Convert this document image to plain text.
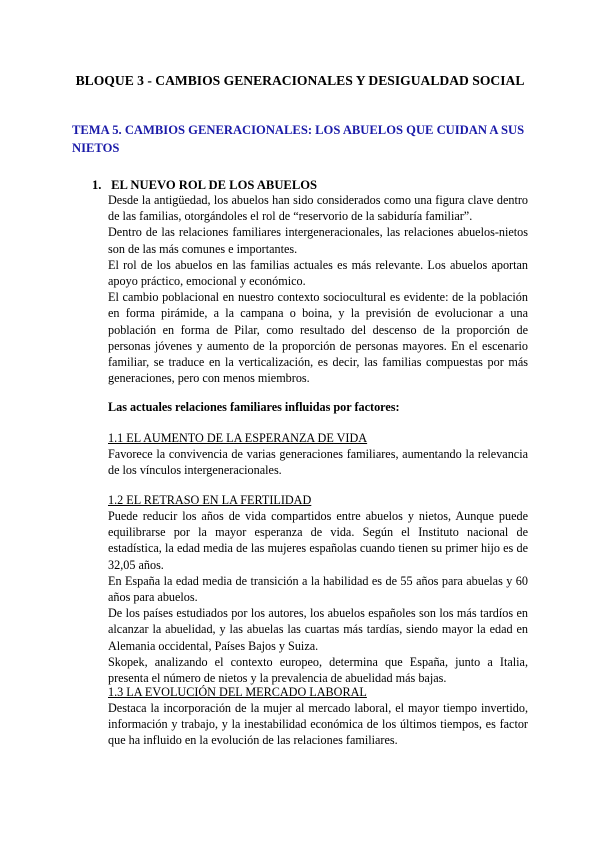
BLOQUE 3 - CAMBIOS GENERACIONALES Y DESIGUALDAD SOCIAL
TEMA 5. CAMBIOS GENERACIONALES: LOS ABUELOS QUE CUIDAN A SUS NIETOS
1. EL NUEVO ROL DE LOS ABUELOS

Desde la antigüedad, los abuelos han sido considerados como una figura clave dentro de las familias, otorgándoles el rol de “reservorio de la sabiduría familiar”.

Dentro de las relaciones familiares intergeneracionales, las relaciones abuelos-nietos son de las más comunes e importantes.

El rol de los abuelos en las familias actuales es más relevante. Los abuelos aportan apoyo práctico, emocional y económico.

El cambio poblacional en nuestro contexto sociocultural es evidente: de la población en forma pirámide, a la campana o boina, y la previsión de evolucionar a una población en forma de Pilar, como resultado del descenso de la proporción de personas jóvenes y aumento de la proporción de personas mayores. En el escenario familiar, se traduce en la verticalización, es decir, las familias compuestas por más generaciones, pero con menos miembros.

Las actuales relaciones familiares influidas por factores:
1.1 EL AUMENTO DE LA ESPERANZA DE VIDA

Favorece la convivencia de varias generaciones familiares, aumentando la relevancia de los vínculos intergeneracionales.

1.2 EL RETRASO EN LA FERTILIDAD

Puede reducir los años de vida compartidos entre abuelos y nietos, Aunque puede equilibrarse por la mayor esperanza de vida. Según el Instituto nacional de estadística, la edad media de las mujeres españolas cuando tienen su primer hijo es de 32,05 años.

En España la edad media de transición a la habilidad es de 55 años para abuelas y 60 años para abuelos.

De los países estudiados por los autores, los abuelos españoles son los más tardíos en alcanzar la abuelidad, y las abuelas las cuartas más tardías, siendo mayor la edad en Alemania occidental, Países Bajos y Suiza.

Skopek, analizando el contexto europeo, determina que España, junto a Italia, presenta el número de nietos y la prevalencia de abuelidad más bajas.

1.3 LA EVOLUCIÓN DEL MERCADO LABORAL

Destaca la incorporación de la mujer al mercado laboral, el mayor tiempo invertido, información y trabajo, y la inestabilidad económica de los últimos tiempos, es factor que ha influido en la evolución de las relaciones familiares.
